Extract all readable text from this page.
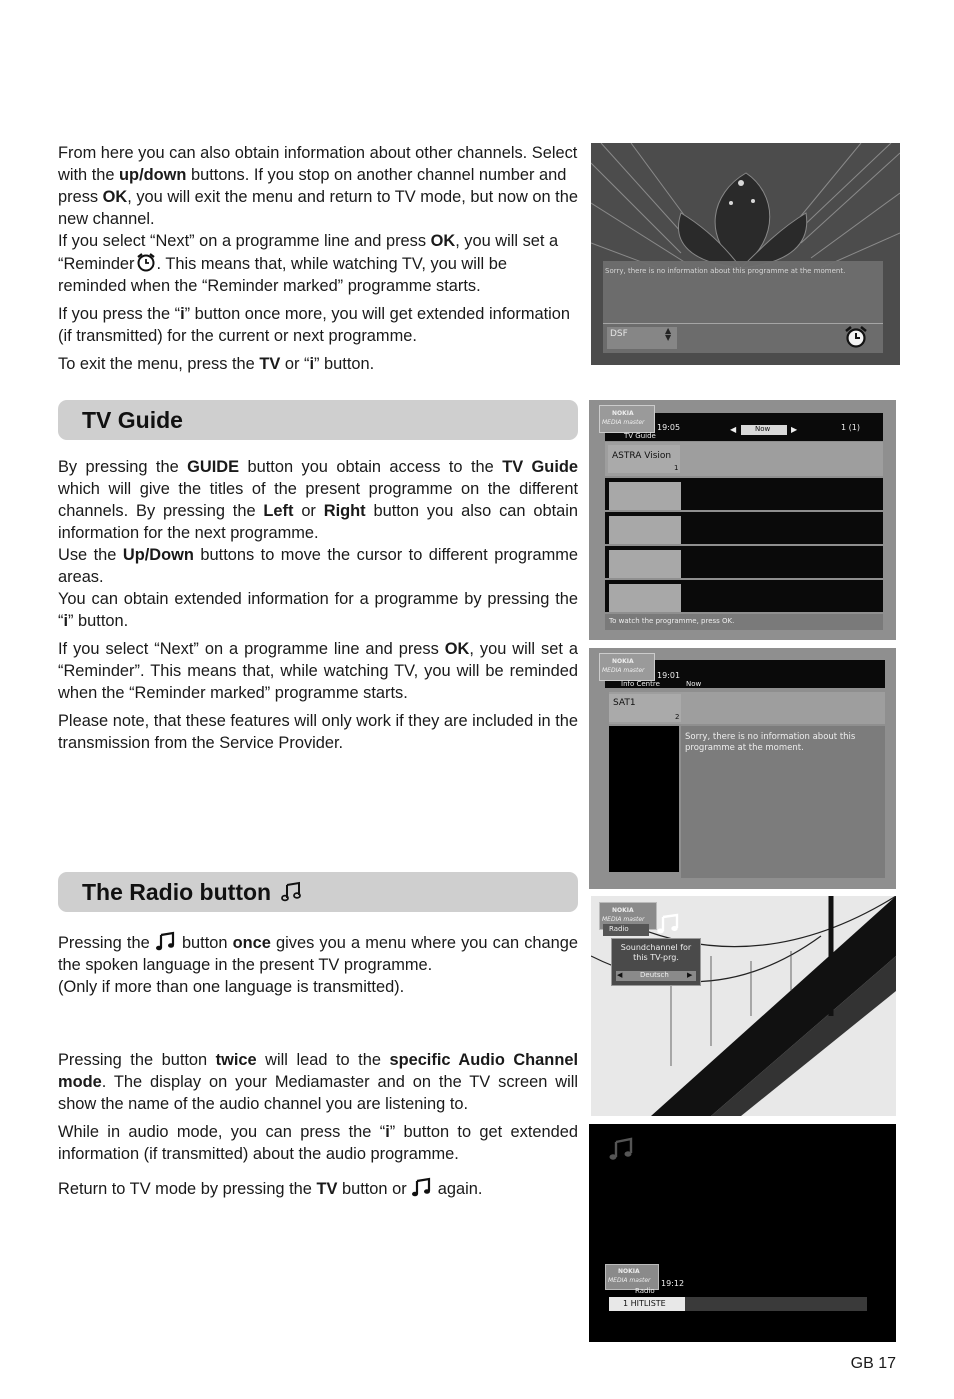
From here you can also obtain information about other channels. Select with the up/down buttons. If you stop on another channel number and press OK, you will exit the menu and return to TV mode, but now on the new channel.

If you select “Next” on a programme line and press OK, you will set a “Reminder . This means that, while watching TV, you will be reminded when the “Reminder marked” programme starts.

If you press the “i” button once more, you will get extended information (if transmitted) for the current or next programme.

To exit the menu, press the TV or “i” button.

TV Guide

By pressing the GUIDE button you obtain access to the TV Guide which will give the titles of the present programme on the different channels. By pressing the Left or Right button you also can obtain information for the next programme.

Use the Up/Down buttons to move the cursor to different programme areas.

You can obtain extended information for a programme by pressing the “i” button.

If you select “Next” on a programme line and press OK, you will set a “Reminder”. This means that, while watching TV, you will be reminded when the “Reminder marked” programme starts.

Please note, that these features will only work if they are included in the transmission from the Service Provider.

The Radio button

Pressing the  button once gives you a menu where you can change the spoken language in the present TV programme.

(Only if more than one language is transmitted).

Pressing the button twice will lead to the specific Audio Channel mode. The display on your Mediamaster and on the TV screen will show the name of the audio channel you are listening to.

While in audio mode, you can press the “i” button to get extended information (if transmitted) about the audio programme.

Return to TV mode by pressing the TV button or  again.

Sorry, there is no information about this programme at the moment.
DSF	▲
▼
NOKIA
MEDIA master
19:05
TV Guide
◀	Now	▶	1 (1)
ASTRA Vision
1
To watch the programme, press OK.
NOKIA
MEDIA master
19:01
Info Centre	Now
SAT1
2
Sorry, there is no information about this programme at the moment.
NOKIA
MEDIA master
Radio
Soundchannel for this TV-prg.
◀	Deutsch	▶
NOKIA
MEDIA master 19:12
Radio
1 HITLISTE
GB 17
